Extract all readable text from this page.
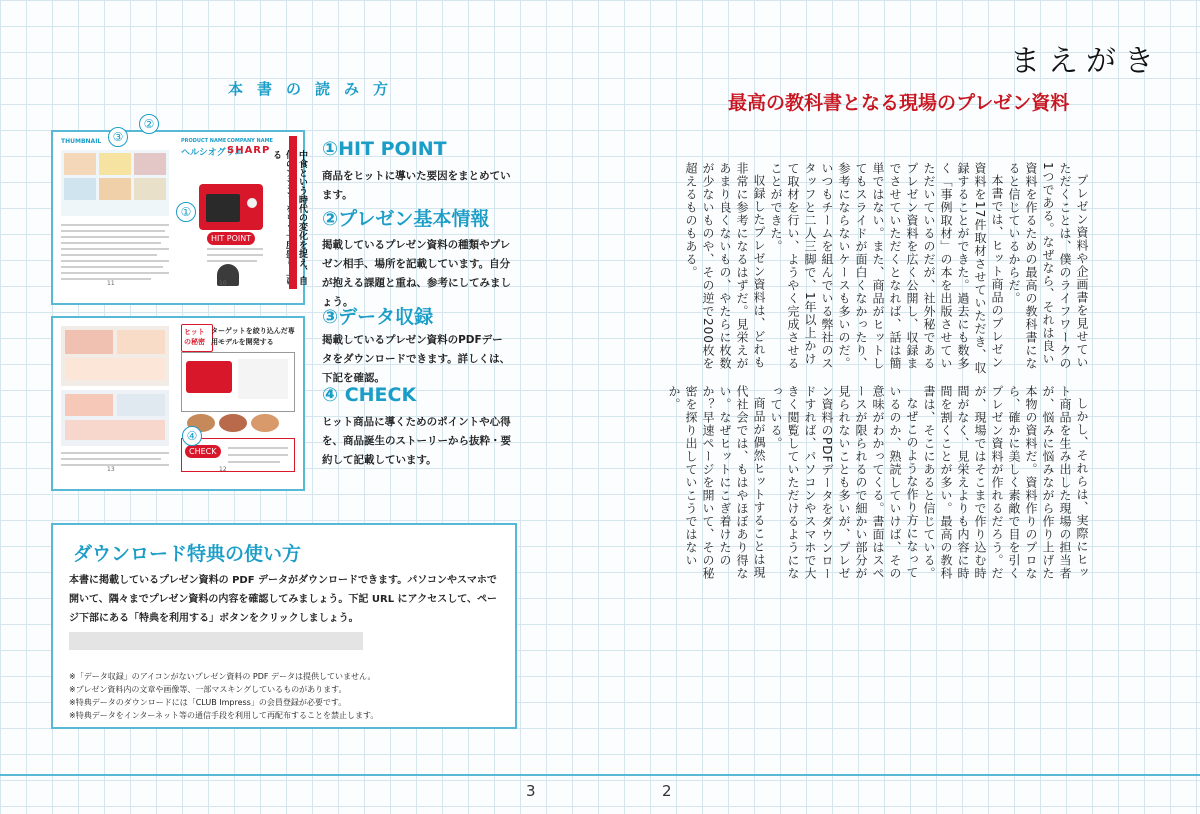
本書の読み方
THUMBNAIL
11
PRODUCT NAME
ヘルシオグリエ
COMPANY NAME
SHARP
HIT POINT
中食という時代の変化を捉え、自 る
10
③
②
①
13
ヒットの秘密
ターゲットを絞り込んだ専用モデルを開発する
CHECK
12
④
①HIT POINT
商品をヒットに導いた要因をまとめています。
②プレゼン基本情報
掲載しているプレゼン資料の種類やプレゼン相手、場所を記載しています。自分が抱える課題と重ね、参考にしてみましょう。
③データ収録
掲載しているプレゼン資料のPDFデータをダウンロードできます。詳しくは、下記を確認。
④ CHECK
ヒット商品に導くためのポイントや心得を、商品誕生のストーリーから抜粋・要約して記載しています。
ダウンロード特典の使い方
本書に掲載しているプレゼン資料の PDF データがダウンロードできます。パソコンやスマホで開いて、隅々までプレゼン資料の内容を確認してみましょう。下記 URL にアクセスして、ページ下部にある「特典を利用する」ボタンをクリックしましょう。
※「データ収録」のアイコンがないプレゼン資料の PDF データは提供していません。
※プレゼン資料内の文章や画像等、一部マスキングしているものがあります。
※特典データのダウンロードには「CLUB Impress」の会員登録が必要です。
※特典データをインターネット等の通信手段を利用して再配布することを禁止します。
まえがき
最高の教科書となる現場のプレゼン資料

プレゼン資料や企画書を見せていただくことは、僕のライフワークの1つである。なぜなら、それは良い資料を作るための最高の教科書になると信じているからだ。

本書では、ヒット商品のプレゼン資料を17件取材させていただき、収録することができた。過去にも数多く「事例取材」の本を出版させていただいているのだが、社外秘であるプレゼン資料を広く公開し、収録までさせていただくとなれば、話は簡単ではない。また、商品がヒットしてもスライドが面白くなかったり、参考にならないケースも多いのだ。いつもチームを組んでいる弊社のスタッフと二人三脚で、1年以上かけて取材を行い、ようやく完成させることができた。

収録したプレゼン資料は、どれも非常に参考になるはずだ。見栄えがあまり良くないもの、やたらに枚数が少ないものや、その逆で200枚を超えるものもある。

しかし、それらは、実際にヒット商品を生み出した現場の担当者が、悩みに悩みながら作り上げた本物の資料だ。資料作りのプロなら、確かに美しく素敵で目を引くプレゼン資料が作れるだろう。だが、現場ではそこまで作り込む時間がなく、見栄えよりも内容に時間を割くことが多い。最高の教科書は、そこにあると信じている。

なぜこのような作り方になっているのか、熟読していけば、その意味がわかってくる。書面はスペースが限られるので細かい部分が見られないことも多いが、プレゼン資料のPDFデータをダウンロードすれば、パソコンやスマホで大きく閲覧していただけるようになっている。

商品が偶然ヒットすることは現代社会では、もはやほぼあり得ない。なぜヒットにこぎ着けたのか？早速ページを開いて、その秘密を探り出していこうではないか。

3	2
